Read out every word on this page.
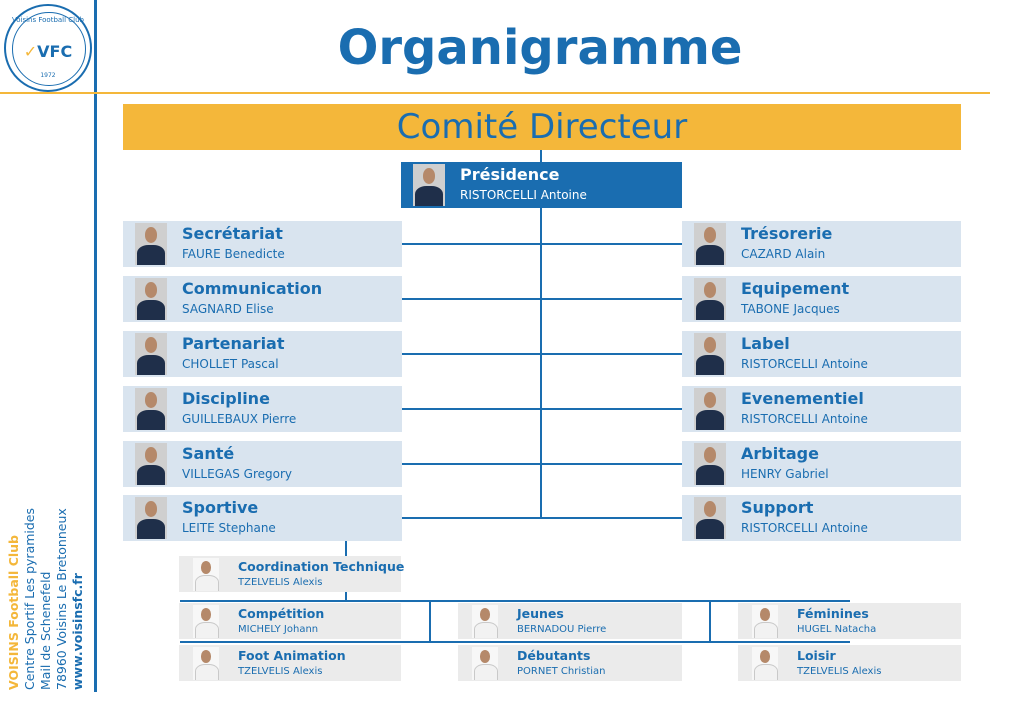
Voisins Football Club
✓VFC
1972	Organigramme
Comité Directeur
Présidence
RISTORCELLI Antoine
Secrétariat
FAURE Benedicte
Communication
SAGNARD Elise
Partenariat
CHOLLET Pascal
Discipline
GUILLEBAUX Pierre
Santé
VILLEGAS Gregory
Sportive
LEITE Stephane
Trésorerie
CAZARD Alain
Equipement
TABONE Jacques
Label
RISTORCELLI Antoine
Evenementiel
RISTORCELLI Antoine
Arbitage
HENRY Gabriel
Support
RISTORCELLI Antoine
Coordination Technique
TZELVELIS Alexis
Compétition
MICHELY Johann
Jeunes
BERNADOU Pierre
Féminines
HUGEL Natacha
Foot Animation
TZELVELIS Alexis
Débutants
PORNET Christian
Loisir
TZELVELIS Alexis
VOISINS Football Club Centre Sportif Les pyramides Mail de Schenefeld 78960 Voisins Le Bretonneux www.voisinsfc.fr
